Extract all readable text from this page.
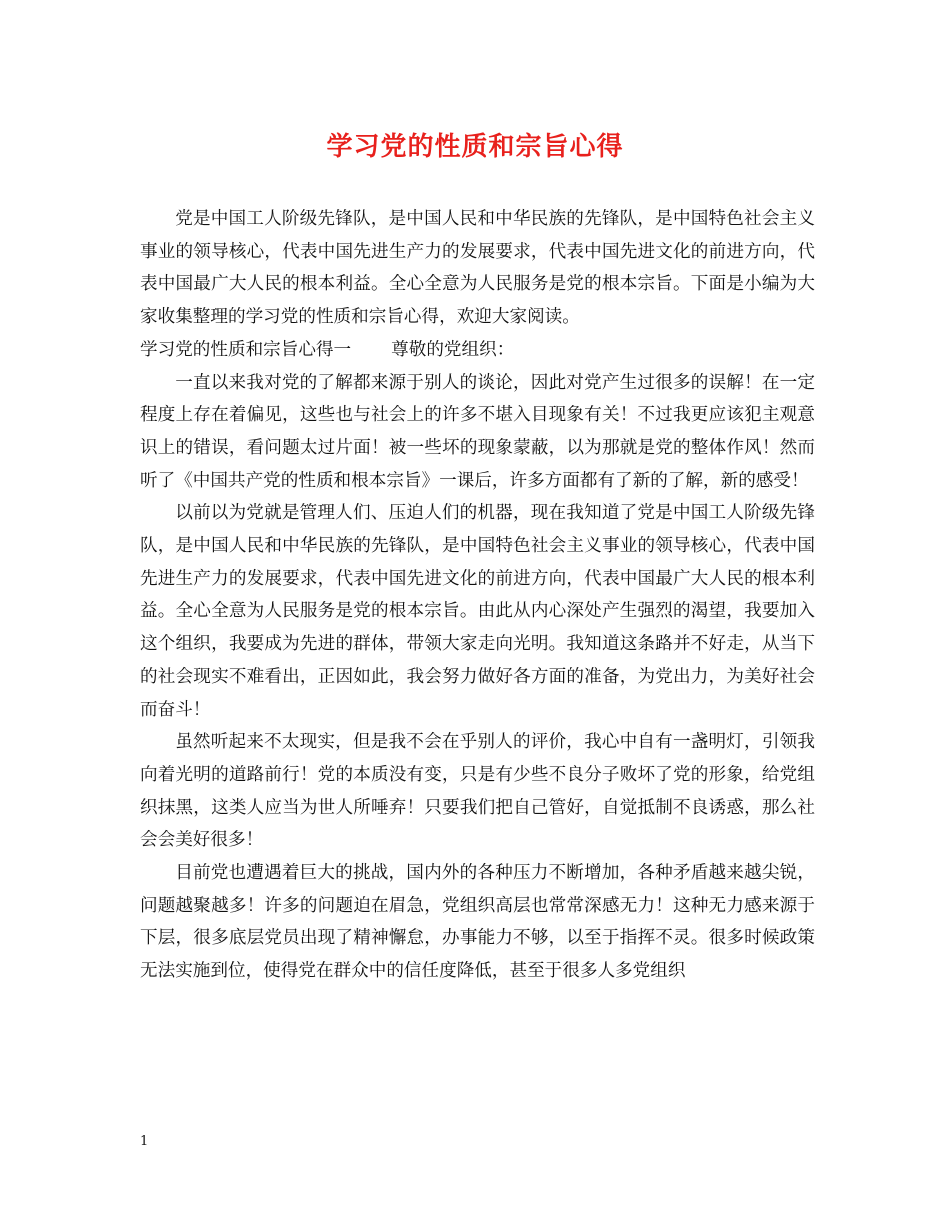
学习党的性质和宗旨心得

党是中国工人阶级先锋队，是中国人民和中华民族的先锋队，是中国特色社会主义事业的领导核心，代表中国先进生产力的发展要求，代表中国先进文化的前进方向，代表中国最广大人民的根本利益。全心全意为人民服务是党的根本宗旨。下面是小编为大家收集整理的学习党的性质和宗旨心得，欢迎大家阅读。

学习党的性质和宗旨心得一 尊敬的党组织：

一直以来我对党的了解都来源于别人的谈论，因此对党产生过很多的误解！在一定程度上存在着偏见，这些也与社会上的许多不堪入目现象有关！不过我更应该犯主观意识上的错误，看问题太过片面！被一些坏的现象蒙蔽，以为那就是党的整体作风！然而听了《中国共产党的性质和根本宗旨》一课后，许多方面都有了新的了解，新的感受！

以前以为党就是管理人们、压迫人们的机器，现在我知道了党是中国工人阶级先锋队，是中国人民和中华民族的先锋队，是中国特色社会主义事业的领导核心，代表中国先进生产力的发展要求，代表中国先进文化的前进方向，代表中国最广大人民的根本利益。全心全意为人民服务是党的根本宗旨。由此从内心深处产生强烈的渴望，我要加入这个组织，我要成为先进的群体，带领大家走向光明。我知道这条路并不好走，从当下的社会现实不难看出，正因如此，我会努力做好各方面的准备，为党出力，为美好社会而奋斗！

虽然听起来不太现实，但是我不会在乎别人的评价，我心中自有一盏明灯，引领我向着光明的道路前行！党的本质没有变，只是有少些不良分子败坏了党的形象，给党组织抹黑，这类人应当为世人所唾弃！只要我们把自己管好，自觉抵制不良诱惑，那么社会会美好很多！

目前党也遭遇着巨大的挑战，国内外的各种压力不断增加，各种矛盾越来越尖锐，问题越聚越多！许多的问题迫在眉急，党组织高层也常常深感无力！这种无力感来源于下层，很多底层党员出现了精神懈怠，办事能力不够，以至于指挥不灵。很多时候政策无法实施到位，使得党在群众中的信任度降低，甚至于很多人多党组织

1
